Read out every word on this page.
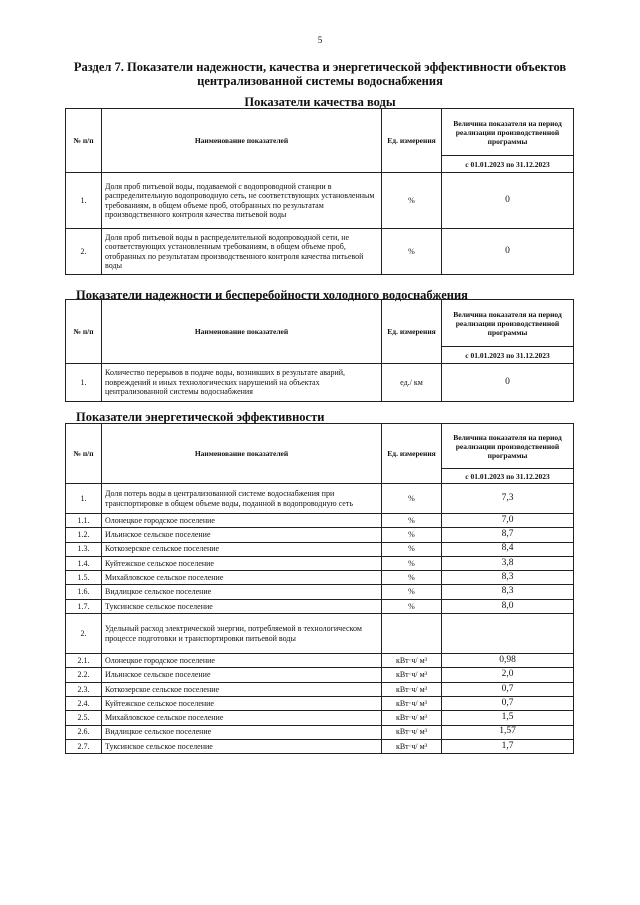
5
Раздел 7. Показатели надежности, качества и энергетической эффективности объектов централизованной системы водоснабжения
Показатели качества воды
№ п/п	Наименование показателей	Ед. измерения	Величина показателя на период реализации производственной программы
			с 01.01.2023 по 31.12.2023
1.	Доля проб питьевой воды, подаваемой с водопроводной станции в распределительную водопроводную сеть, не соответствующих установленным требованиям, в общем объеме проб, отобранных по результатам производственного контроля качества питьевой воды	%	0
2.	Доля проб питьевой воды в распределительной водопроводной сети, не соответствующих установленным требованиям, в общем объеме проб, отобранных по результатам производственного контроля качества питьевой воды	%	0
Показатели надежности и бесперебойности холодного водоснабжения
№ п/п	Наименование показателей	Ед. измерения	Величина показателя на период реализации производственной программы
			с 01.01.2023 по 31.12.2023
1.	Количество перерывов в подаче воды, возникших в результате аварий, повреждений и иных технологических нарушений на объектах централизованной системы водоснабжения	ед./ км	0
Показатели энергетической эффективности
№ п/п	Наименование показателей	Ед. измерения	Величина показателя на период реализации производственной программы
			с 01.01.2023 по 31.12.2023
1.	Доля потерь воды в централизованной системе водоснабжения при транспортировке в общем объеме воды, поданной в водопроводную сеть	%	7,3
1.1.	Олонецкое городское поселение	%	7,0
1.2.	Ильинское сельское поселение	%	8,7
1.3.	Коткозерское сельское поселение	%	8,4
1.4.	Куйтежское сельское поселение	%	3,8
1.5.	Михайловское сельское поселение	%	8,3
1.6.	Видлицкое сельское поселение	%	8,3
1.7.	Туксинское сельское поселение	%	8,0
2.	Удельный расход электрической энергии, потребляемой в технологическом процессе подготовки и транспортировки питьевой воды		
2.1.	Олонецкое городское поселение	кВт·ч/ м³	0,98
2.2.	Ильинское сельское поселение	кВт·ч/ м³	2,0
2.3.	Коткозерское сельское поселение	кВт·ч/ м³	0,7
2.4.	Куйтежское сельское поселение	кВт·ч/ м³	0,7
2.5.	Михайловское сельское поселение	кВт·ч/ м³	1,5
2.6.	Видлицкое сельское поселение	кВт·ч/ м³	1,57
2.7.	Туксинское сельское поселение	кВт·ч/ м³	1,7
